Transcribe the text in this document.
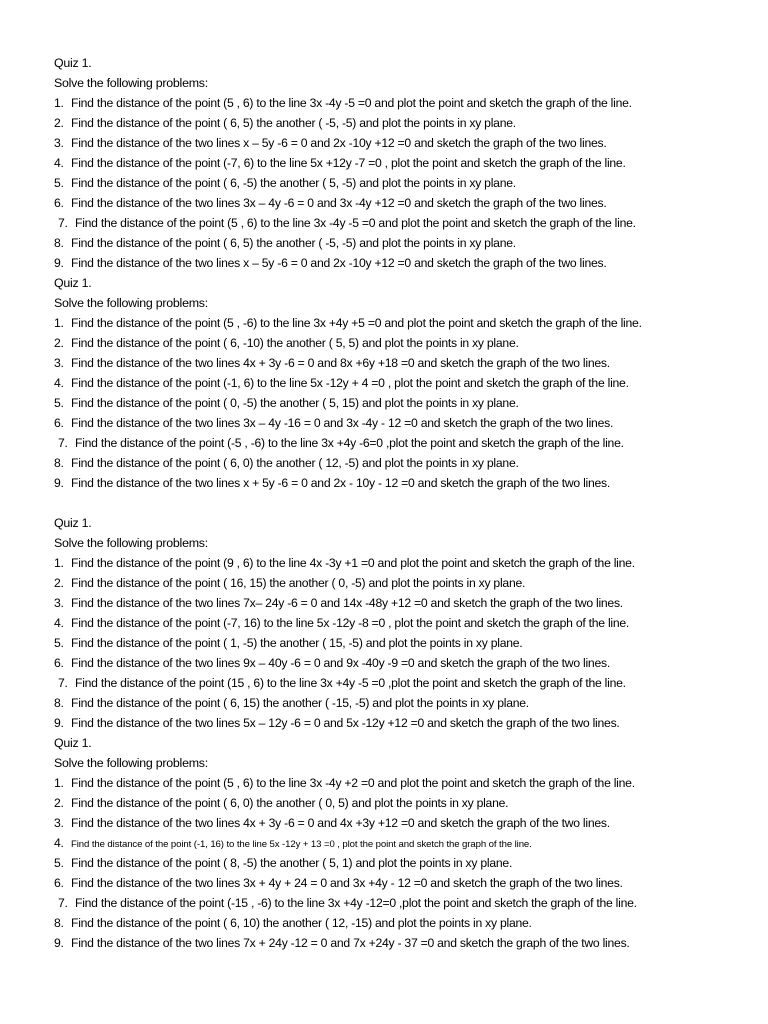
Quiz 1.
Solve the following problems:
1. Find the distance of the point (5 , 6) to the line 3x -4y -5 =0 and plot the point and sketch the graph of the line.
2. Find the distance of the point ( 6, 5) the another ( -5, -5) and plot the points in xy plane.
3. Find the distance of the two lines x – 5y -6 = 0 and 2x -10y +12 =0 and sketch the graph of the two lines.
4. Find the distance of the point (-7, 6) to the line 5x +12y -7 =0 , plot the point and sketch the graph of the line.
5. Find the distance of the point ( 6, -5) the another ( 5, -5) and plot the points in xy plane.
6. Find the distance of the two lines 3x – 4y -6 = 0 and 3x -4y +12 =0 and sketch the graph of the two lines.
7. Find the distance of the point (5 , 6) to the line 3x -4y -5 =0 and plot the point and sketch the graph of the line.
8. Find the distance of the point ( 6, 5) the another ( -5, -5) and plot the points in xy plane.
9. Find the distance of the two lines x – 5y -6 = 0 and 2x -10y +12 =0 and sketch the graph of the two lines.
Quiz 1.
Solve the following problems:
1. Find the distance of the point (5 , -6) to the line 3x +4y +5 =0 and plot the point and sketch the graph of the line.
2. Find the distance of the point ( 6, -10) the another ( 5, 5) and plot the points in xy plane.
3. Find the distance of the two lines 4x + 3y -6 = 0 and 8x +6y +18 =0 and sketch the graph of the two lines.
4. Find the distance of the point (-1, 6) to the line 5x -12y + 4 =0 , plot the point and sketch the graph of the line.
5. Find the distance of the point ( 0, -5) the another ( 5, 15) and plot the points in xy plane.
6. Find the distance of the two lines 3x – 4y -16 = 0 and 3x -4y - 12 =0 and sketch the graph of the two lines.
7. Find the distance of the point (-5 , -6) to the line 3x +4y -6=0 ,plot the point and sketch the graph of the line.
8. Find the distance of the point ( 6, 0) the another ( 12, -5) and plot the points in xy plane.
9. Find the distance of the two lines x + 5y -6 = 0 and 2x - 10y - 12 =0 and sketch the graph of the two lines.
Quiz 1.
Solve the following problems:
1. Find the distance of the point (9 , 6) to the line 4x -3y +1 =0 and plot the point and sketch the graph of the line.
2. Find the distance of the point ( 16, 15) the another ( 0, -5) and plot the points in xy plane.
3. Find the distance of the two lines 7x– 24y -6 = 0 and 14x -48y +12 =0 and sketch the graph of the two lines.
4. Find the distance of the point (-7, 16) to the line 5x -12y -8 =0 , plot the point and sketch the graph of the line.
5. Find the distance of the point ( 1, -5) the another ( 15, -5) and plot the points in xy plane.
6. Find the distance of the two lines 9x – 40y -6 = 0 and 9x -40y -9 =0 and sketch the graph of the two lines.
7. Find the distance of the point (15 , 6) to the line 3x +4y -5 =0 ,plot the point and sketch the graph of the line.
8. Find the distance of the point ( 6, 15) the another ( -15, -5) and plot the points in xy plane.
9. Find the distance of the two lines 5x – 12y -6 = 0 and 5x -12y +12 =0 and sketch the graph of the two lines.
Quiz 1.
Solve the following problems:
1. Find the distance of the point (5 , 6) to the line 3x -4y +2 =0 and plot the point and sketch the graph of the line.
2. Find the distance of the point ( 6, 0) the another ( 0, 5) and plot the points in xy plane.
3. Find the distance of the two lines 4x + 3y -6 = 0 and 4x +3y +12 =0 and sketch the graph of the two lines.
4. Find the distance of the point (-1, 16) to the line 5x -12y + 13 =0 , plot the point and sketch the graph of the line.
5. Find the distance of the point ( 8, -5) the another ( 5, 1) and plot the points in xy plane.
6. Find the distance of the two lines 3x + 4y + 24 = 0 and 3x +4y - 12 =0 and sketch the graph of the two lines.
7. Find the distance of the point (-15 , -6) to the line 3x +4y -12=0 ,plot the point and sketch the graph of the line.
8. Find the distance of the point ( 6, 10) the another ( 12, -15) and plot the points in xy plane.
9. Find the distance of the two lines 7x + 24y -12 = 0 and 7x +24y - 37 =0 and sketch the graph of the two lines.
